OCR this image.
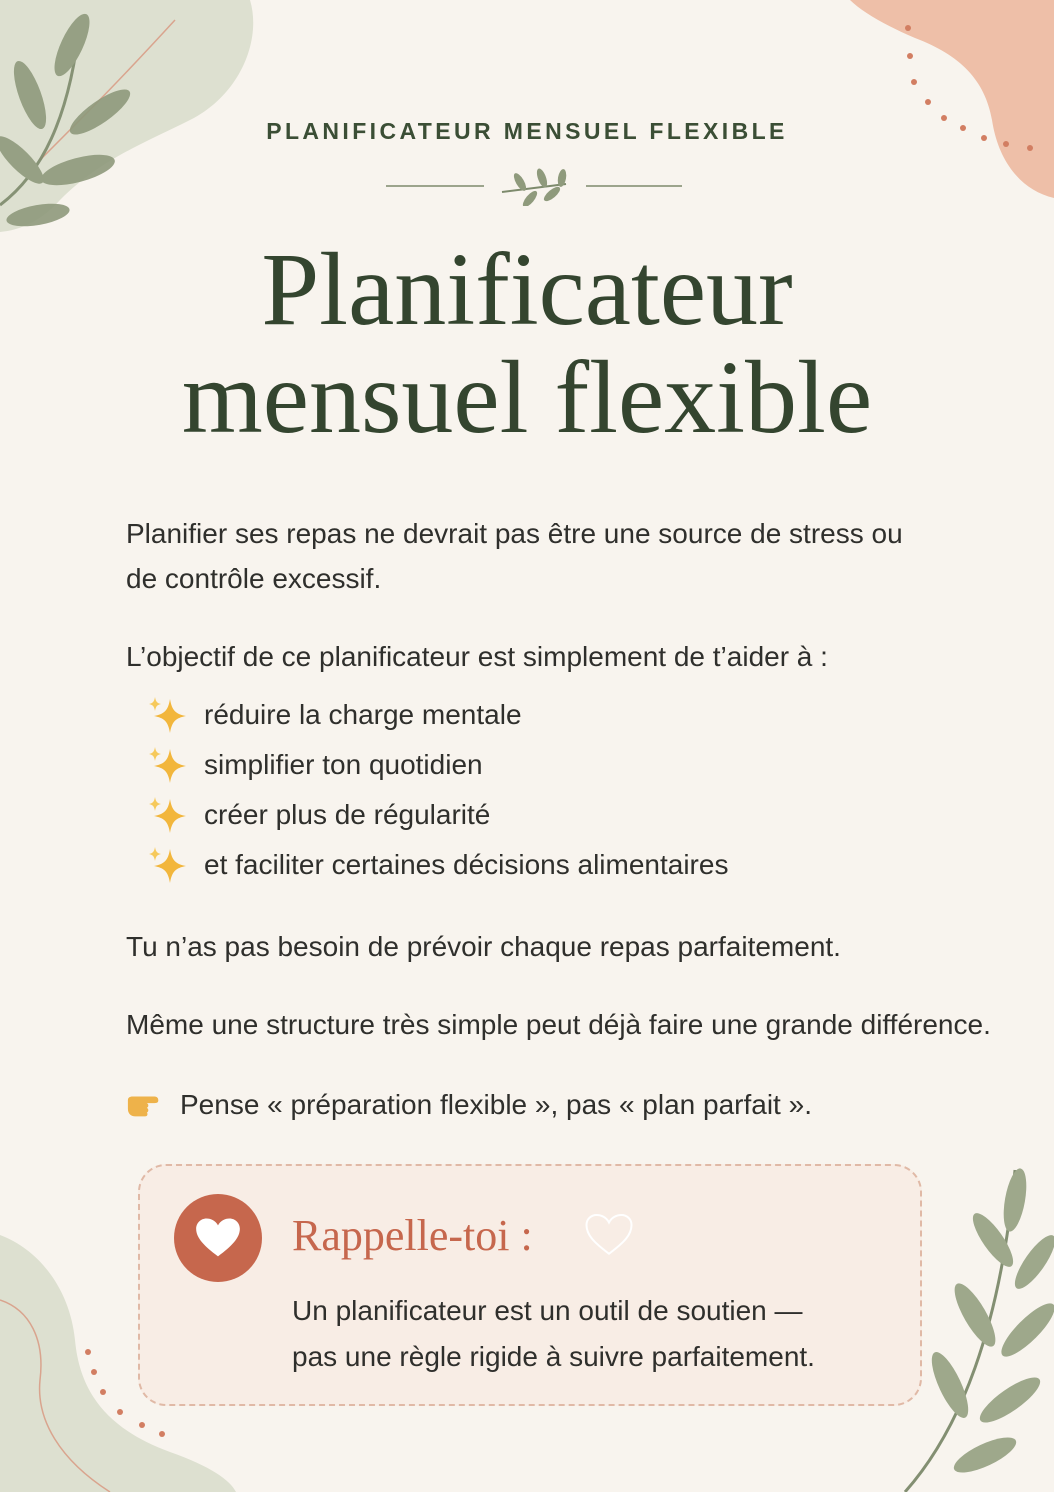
PLANIFICATEUR MENSUEL FLEXIBLE
Planificateur
mensuel flexible

Planifier ses repas ne devrait pas être une source de stress ou de contrôle excessif.

L’objectif de ce planificateur est simplement de t’aider à :

réduire la charge mentale
simplifier ton quotidien
créer plus de régularité
et faciliter certaines décisions alimentaires

Tu n’as pas besoin de prévoir chaque repas parfaitement.

Même une structure très simple peut déjà faire une grande différence.

Pense « préparation flexible », pas « plan parfait ».
Rappelle-toi :
Un planificateur est un outil de soutien —
pas une règle rigide à suivre parfaitement.
